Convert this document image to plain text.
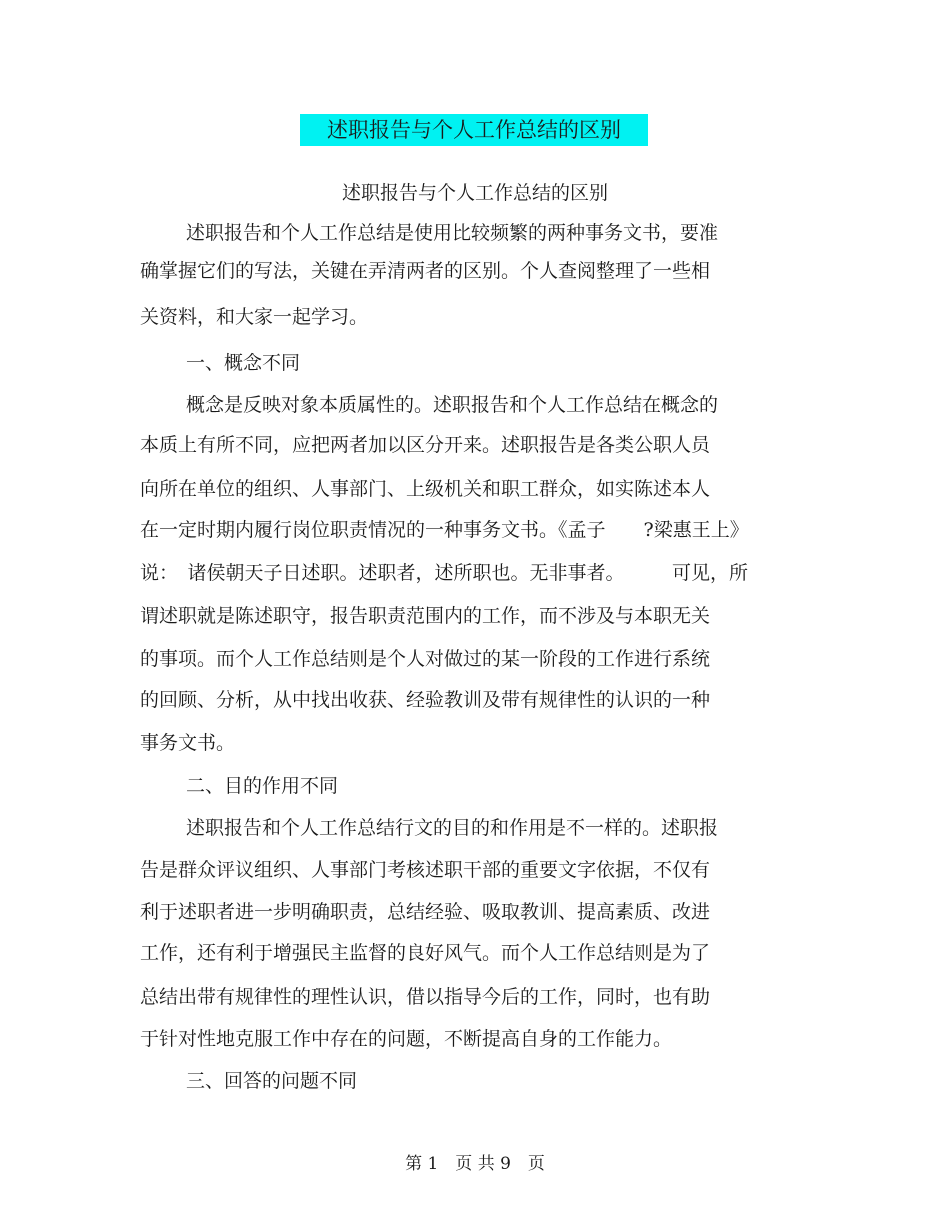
述职报告与个人工作总结的区别
述职报告与个人工作总结的区别
述职报告和个人工作总结是使用比较频繁的两种事务文书，要准
确掌握它们的写法，关键在弄清两者的区别。个人查阅整理了一些相
关资料，和大家一起学习。
一、概念不同
概念是反映对象本质属性的。述职报告和个人工作总结在概念的
本质上有所不同，应把两者加以区分开来。述职报告是各类公职人员
向所在单位的组织、人事部门、上级机关和职工群众，如实陈述本人
在一定时期内履行岗位职责情况的一种事务文书。《孟子　　?梁惠王上》
说：　诸侯朝天子日述职。述职者，述所职也。无非事者。　　　可见，所
谓述职就是陈述职守，报告职责范围内的工作，而不涉及与本职无关
的事项。而个人工作总结则是个人对做过的某一阶段的工作进行系统
的回顾、分析，从中找出收获、经验教训及带有规律性的认识的一种
事务文书。
二、目的作用不同
述职报告和个人工作总结行文的目的和作用是不一样的。述职报
告是群众评议组织、人事部门考核述职干部的重要文字依据，不仅有
利于述职者进一步明确职责，总结经验、吸取教训、提高素质、改进
工作，还有利于增强民主监督的良好风气。而个人工作总结则是为了
总结出带有规律性的理性认识，借以指导今后的工作，同时，也有助
于针对性地克服工作中存在的问题，不断提高自身的工作能力。
三、回答的问题不同
第 1　页 共 9　页
